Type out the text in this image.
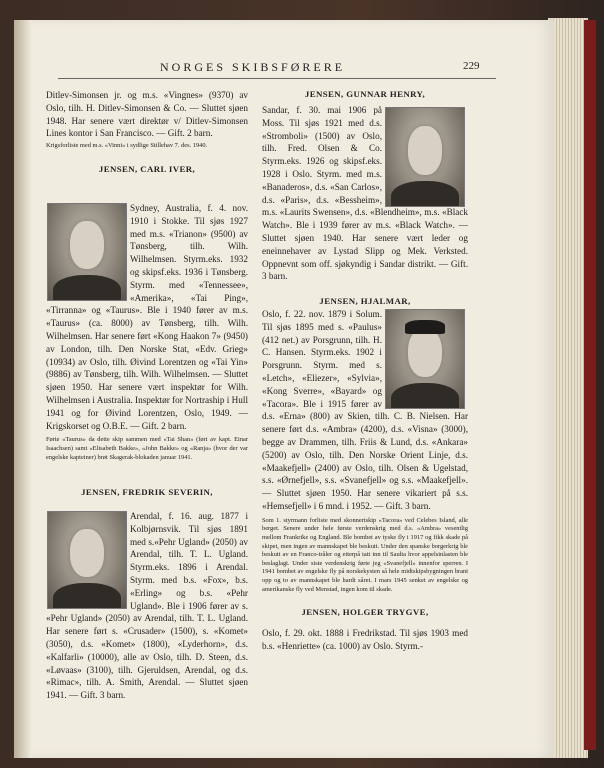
NORGES SKIBSFØRERE	229

Ditlev-Simonsen jr. og m.s. «Vingnes» (9370) av Oslo, tilh. H. Ditlev-Simonsen & Co. — Sluttet sjøen 1948. Har senere vært direktør v/ Ditlev-Simonsen Lines kontor i San Francisco. — Gift. 2 barn.

Krigsforliste med m.s. «Vinni» i sydlige Stillehav 7. des. 1940.

JENSEN, CARL IVER,

Sydney, Australia, f. 4. nov. 1910 i Stokke. Til sjøs 1927 med m.s. «Trianon» (9500) av Tønsberg, tilh. Wilh. Wilhelmsen. Styrm.eks. 1932 og skipsf.eks. 1936 i Tønsberg. Styrm. med «Tennessee», «Amerika», «Tai Ping», «Tirranna» og «Taurus». Ble i 1940 fører av m.s. «Taurus» (ca. 8000) av Tønsberg, tilh. Wilh. Wilhelmsen. Har senere ført «Kong Haakon 7» (9450) av London, tilh. Den Norske Stat, «Edv. Grieg» (10934) av Oslo, tilh. Øivind Lorentzen og «Tai Yin» (9886) av Tønsberg, tilh. Wilh. Wilhelmsen. — Sluttet sjøen 1950. Har senere vært inspektør for Wilh. Wilhelmsen i Australia. Inspektør for Nortraship i Hull 1941 og for Øivind Lorentzen, Oslo, 1949. — Krigskorset og O.B.E. — Gift. 2 barn.

Førte «Taurus» da dette skip sammen med «Tai Shan» (ført av kapt. Einar Isaachsen) samt «Elisabeth Bakke», «John Bakke» og «Ranja» (hvor der var engelske kapteiner) brøt Skagerak-blokaden januar 1941.

JENSEN, FREDRIK SEVERIN,

Arendal, f. 16. aug. 1877 i Kolbjørnsvik. Til sjøs 1891 med s.«Pehr Ugland» (2050) av Arendal, tilh. T. L. Ugland. Styrm.eks. 1896 i Arendal. Styrm. med b.s. «Fox», b.s. «Erling» og b.s. «Pehr Ugland». Ble i 1906 fører av s. «Pehr Ugland» (2050) av Arendal, tilh. T. L. Ugland. Har senere ført s. «Crusader» (1500), s. «Komet» (3050), d.s. «Komet» (1800), «Lyderhorn», d.s. «Kalfarli» (10000), alle av Oslo, tilh. D. Steen, d.s. «Løvaas» (3100), tilh. Gjeruldsen, Arendal, og d.s. «Rimac», tilh. A. Smith, Arendal. — Sluttet sjøen 1941. — Gift. 3 barn.

JENSEN, GUNNAR HENRY,

Sandar, f. 30. mai 1906 på Moss. Til sjøs 1921 med d.s. «Stromboli» (1500) av Oslo, tilh. Fred. Olsen & Co. Styrm.eks. 1926 og skipsf.eks. 1928 i Oslo. Styrm. med m.s. «Banaderos», d.s. «San Carlos», d.s. «Paris», d.s. «Bessheim», m.s. «Laurits Swensen», d.s. «Blendheim», m.s. «Black Watch». Ble i 1939 fører av m.s. «Black Watch». — Sluttet sjøen 1940. Har senere vært leder og eneinnehaver av Lystad Slipp og Mek. Verksted. Oppnevnt som off. sjøkyndig i Sandar distrikt. — Gift. 3 barn.

JENSEN, HJALMAR,

Oslo, f. 22. nov. 1879 i Solum. Til sjøs 1895 med s. «Paulus» (412 net.) av Porsgrunn, tilh. H. C. Hansen. Styrm.eks. 1902 i Porsgrunn. Styrm. med s. «Letch», «Eliezer», «Sylvia», «Kong Sverre», «Bayard» og «Tacora». Ble i 1915 fører av d.s. «Erna» (800) av Skien, tilh. C. B. Nielsen. Har senere ført d.s. «Ambra» (4200), d.s. «Visna» (3000), begge av Drammen, tilh. Friis & Lund, d.s. «Ankara» (5200) av Oslo, tilh. Den Norske Orient Linje, d.s. «Maakefjell» (2400) av Oslo, tilh. Olsen & Ugelstad, s.s. «Ørnefjell», s.s. «Svanefjell» og s.s. «Maakefjell». — Sluttet sjøen 1950. Har senere vikariert på s.s. «Hemsefjell» i 6 mnd. i 1952. — Gift. 3 barn.

Som 1. styrmann forliste med skonnertskip «Tacora» ved Celebes Island, alle berget. Senere under hele første verdenskrig med d.s. «Ambra» vesentlig mellom Frankrike og England. Ble bombet av tyske fly i 1917 og fikk skade på skipet, men ingen av mannskapet ble beskutt. Under den spanske borgerkrig ble beskutt av en Franco-tråler og etterpå tatt inn til Saulta hvor appelsinlasten ble beslaglagt. Under siste verdenskrig førte jeg «Svanefjell» innenfor sperren. I 1941 bombet av engelske fly på norskekysten så hele midtskipsbygningen brant opp og to av mannskapet ble hardt såret. I mars 1945 senket av engelske og amerikanske fly ved Menstad, ingen kom til skade.

JENSEN, HOLGER TRYGVE,

Oslo, f. 29. okt. 1888 i Fredrikstad. Til sjøs 1903 med b.s. «Henriette» (ca. 1000) av Oslo. Styrm.-
